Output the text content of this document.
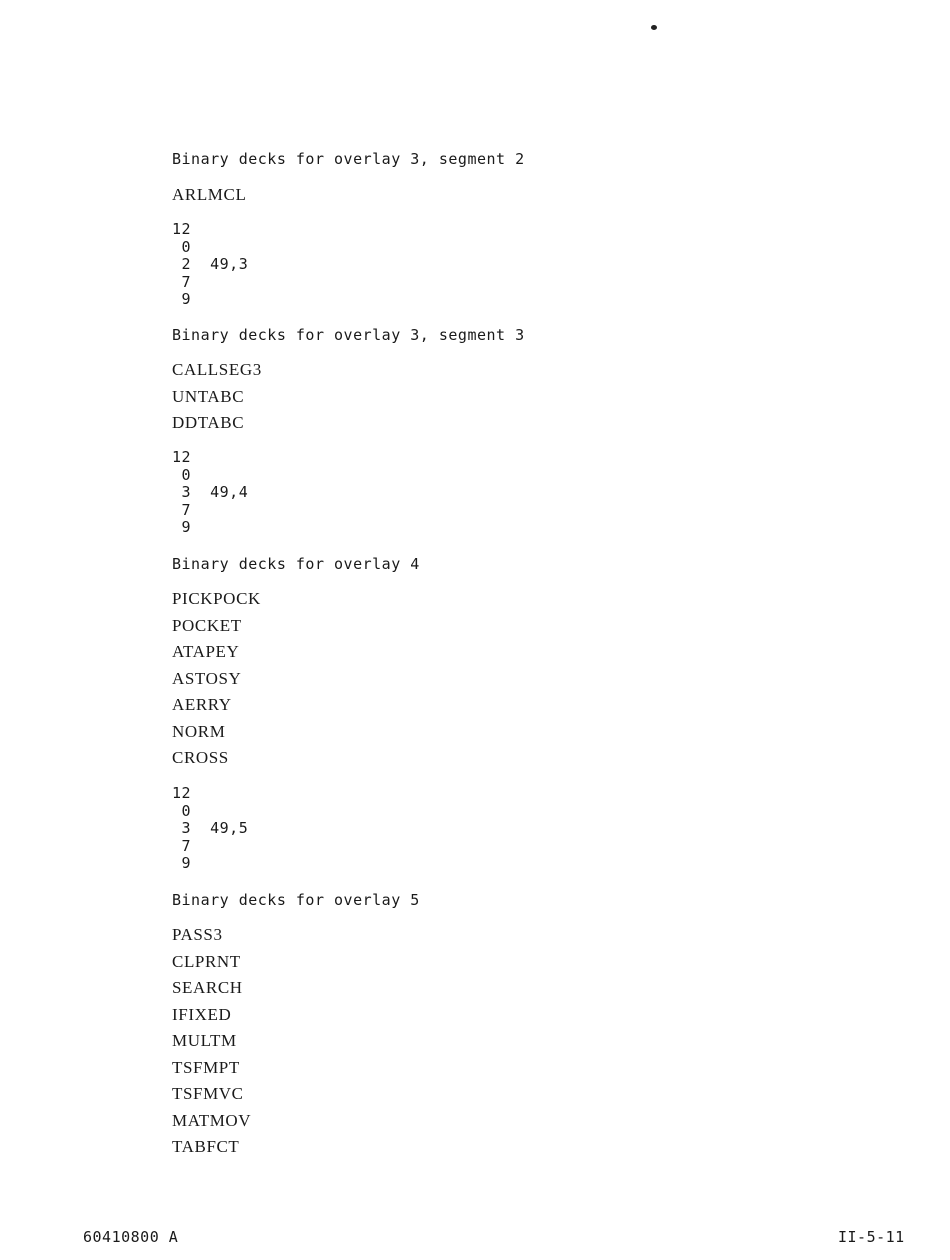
Binary decks for overlay 3, segment 2
ARLMCL
12
0
2  49,3
7
9
Binary decks for overlay 3, segment 3
CALLSEG3
UNTABC
DDTABC
12
0
3  49,4
7
9
Binary decks for overlay 4
PICKPOCK
POCKET
ATAPEY
ASTOSY
AERRY
NORM
CROSS
12
0
3  49,5
7
9
Binary decks for overlay 5
PASS3
CLPRNT
SEARCH
IFIXED
MULTM
TSFMPT
TSFMVC
MATMOV
TABFCT
60410800 A	II-5-11
